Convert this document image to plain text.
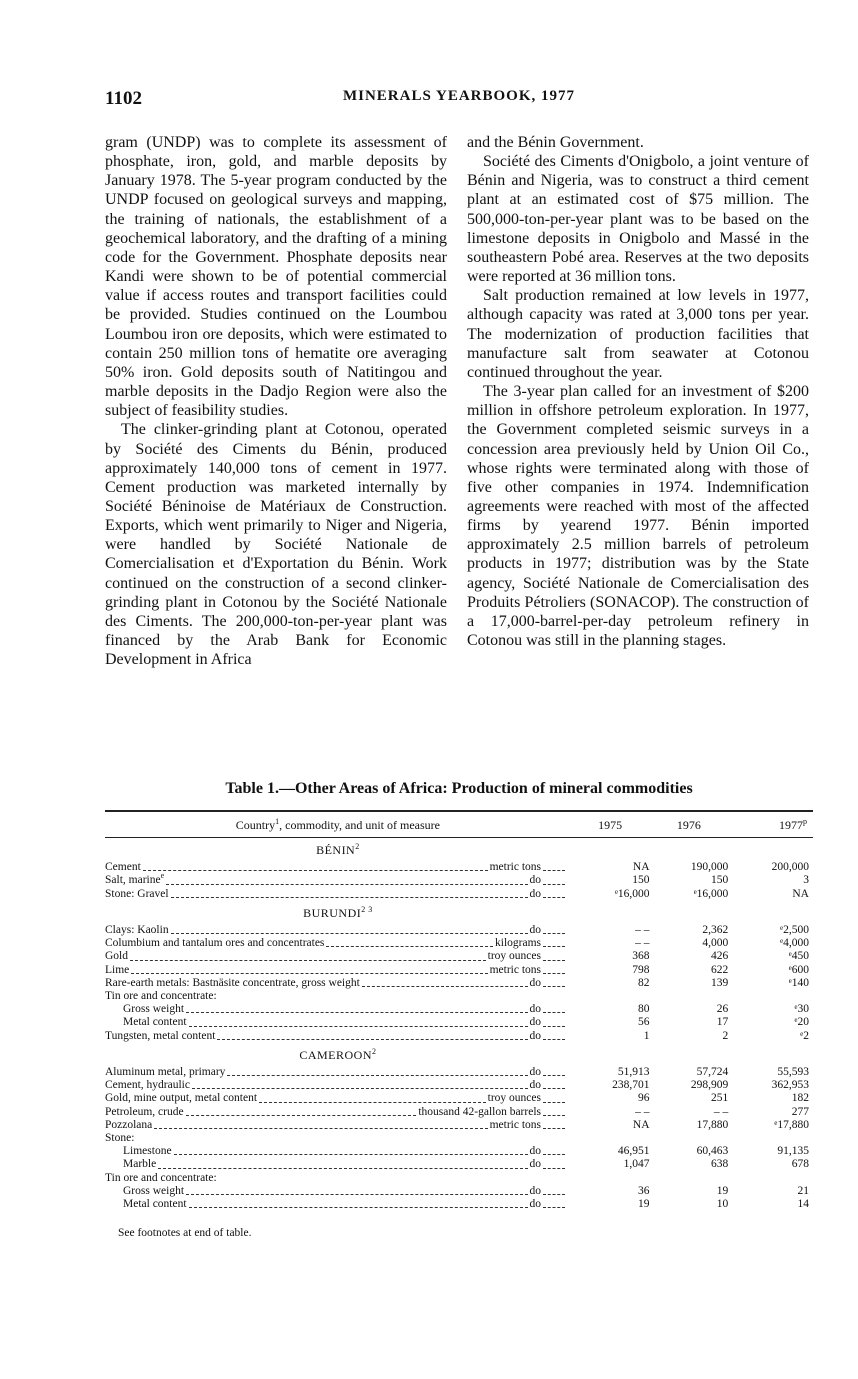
1102	MINERALS YEARBOOK, 1977

gram (UNDP) was to complete its assessment of phosphate, iron, gold, and marble deposits by January 1978. The 5-year program conducted by the UNDP focused on geological surveys and mapping, the training of nationals, the establishment of a geochemical laboratory, and the drafting of a mining code for the Government. Phosphate deposits near Kandi were shown to be of potential commercial value if access routes and transport facilities could be provided. Studies continued on the Loumbou Loumbou iron ore deposits, which were estimated to contain 250 million tons of hematite ore averaging 50% iron. Gold deposits south of Natitingou and marble deposits in the Dadjo Region were also the subject of feasibility studies.

The clinker-grinding plant at Cotonou, operated by Société des Ciments du Bénin, produced approximately 140,000 tons of cement in 1977. Cement production was marketed internally by Société Béninoise de Matériaux de Construction. Exports, which went primarily to Niger and Nigeria, were handled by Société Nationale de Comercialisation et d'Exportation du Bénin. Work continued on the construction of a second clinker-grinding plant in Cotonou by the Société Nationale des Ciments. The 200,000-ton-per-year plant was financed by the Arab Bank for Economic Development in Africa

and the Bénin Government.

Société des Ciments d'Onigbolo, a joint venture of Bénin and Nigeria, was to construct a third cement plant at an estimated cost of $75 million. The 500,000-ton-per-year plant was to be based on the limestone deposits in Onigbolo and Massé in the southeastern Pobé area. Reserves at the two deposits were reported at 36 million tons.

Salt production remained at low levels in 1977, although capacity was rated at 3,000 tons per year. The modernization of production facilities that manufacture salt from seawater at Cotonou continued throughout the year.

The 3-year plan called for an investment of $200 million in offshore petroleum exploration. In 1977, the Government completed seismic surveys in a concession area previously held by Union Oil Co., whose rights were terminated along with those of five other companies in 1974. Indemnification agreements were reached with most of the affected firms by yearend 1977. Bénin imported approximately 2.5 million barrels of petroleum products in 1977; distribution was by the State agency, Société Nationale de Comercialisation des Produits Pétroliers (SONACOP). The construction of a 17,000-barrel-per-day petroleum refinery in Cotonou was still in the planning stages.

Table 1.—Other Areas of Africa: Production of mineral commodities
Country$^1$, commodity, and unit of measure	1975	1976	1977$^p$
BÉNIN$^2$			

Cement metric tons	NA	190,000	200,000

Salt, marine$^e$ do	150	150	3

Stone: Gravel do	ᵉ16,000	ᵉ16,000	NA
$BURUNDI^{2 3}$			

Clays: Kaolin do	– –	2,362	ᵉ2,500

Columbium and tantalum ores and concentrates kilograms	– –	4,000	ᵉ4,000

Gold troy ounces	368	426	ᵉ450

Lime metric tons	798	622	ᵉ600

Rare-earth metals: Bastnäsite concentrate, gross weight do	82	139	ᵉ140

Tin ore and concentrate:			

Gross weight do	80	26	ᵉ30

Metal content do	56	17	ᵉ20

Tungsten, metal content do	1	2	ᵉ2
CAMEROON$^2$			

Aluminum metal, primary do	51,913	57,724	55,593

Cement, hydraulic do	238,701	298,909	362,953

Gold, mine output, metal content troy ounces	96	251	182

Petroleum, crude thousand 42-gallon barrels	– –	– –	277

Pozzolana metric tons	NA	17,880	ᵉ17,880

Stone:			

Limestone do	46,951	60,463	91,135

Marble do	1,047	638	678

Tin ore and concentrate:			

Gross weight do	36	19	21

Metal content do	19	10	14
See footnotes at end of table.
